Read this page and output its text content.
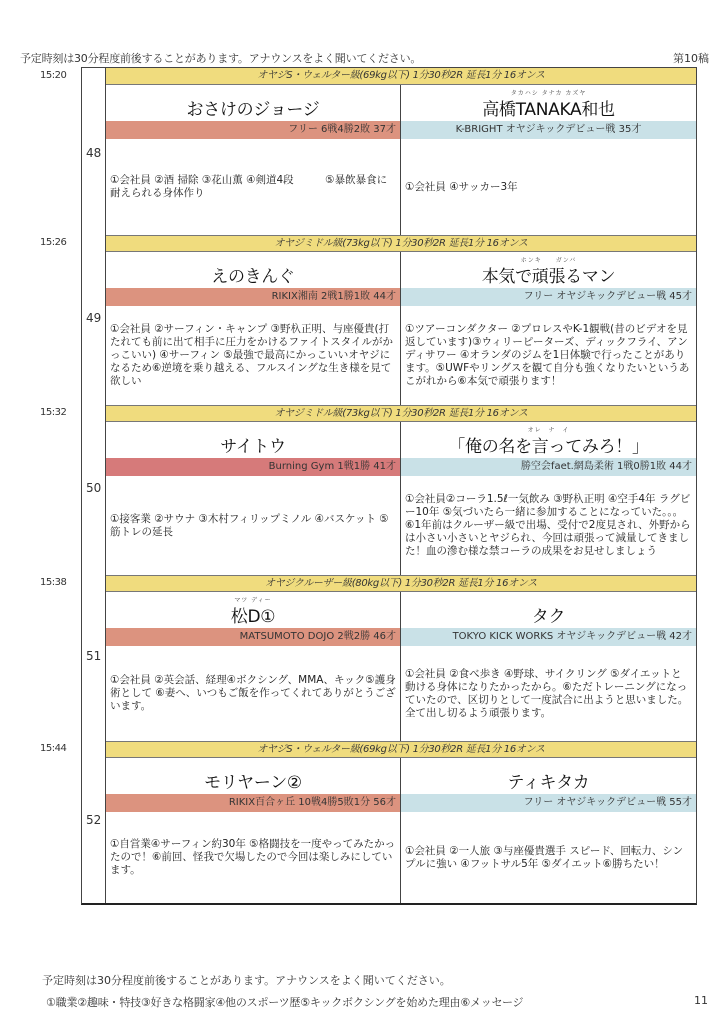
予定時刻は30分程度前後することがあります。アナウンスをよく聞いてください。	第10稿
15:20
48
オヤジS・ウェルター級(69kg以下) 1分30秒2R 延長1分 16オンス
おさけのジョージ
フリー 6戦4勝2敗 37才
①会社員 ②酒 掃除 ③花山薫 ④剣道4段　　　⑤暴飲暴食に耐えられる身体作り
タカハシ タナカ カズヤ
高橋TANAKA和也
K-BRIGHT オヤジキックデビュー戦 35才
①会社員 ④サッカー3年
15:26
49
オヤジミドル級(73kg以下) 1分30秒2R 延長1分 16オンス
えのきんぐ
RIKIX湘南 2戦1勝1敗 44才
①会社員 ②サーフィン・キャンプ ③野杁正明、与座優貴(打たれても前に出て相手に圧力をかけるファイトスタイルがかっこいい) ④サーフィン ⑤最強で最高にかっこいいオヤジになるため⑥逆境を乗り越える、フルスイングな生き様を見て欲しい
ホンキ　　ガンバ
本気で頑張るマン
フリー オヤジキックデビュー戦 45才
①ツアーコンダクター ②プロレスやK-1観戦(昔のビデオを見返しています)③ウィリーピーターズ、ディックフライ、アンディサワー ④オランダのジムを1日体験で行ったことがあります。⑤UWFやリングスを観て自分も強くなりたいというあこがれから⑥本気で頑張ります！
15:32
50
オヤジミドル級(73kg以下) 1分30秒2R 延長1分 16オンス
サイトウ
Burning Gym 1戦1勝 41才
①接客業 ②サウナ ③木村フィリップミノル ④バスケット ⑤筋トレの延長
オレ　ナ　イ
「俺の名を言ってみろ！」
勝空会faet.網島柔術 1戦0勝1敗 44才
①会社員②コーラ1.5ℓ一気飲み ③野杁正明 ④空手4年 ラグビー10年 ⑤気づいたら一緒に参加することになっていた。。。⑥1年前はクルーザー級で出場、受付で2度見され、外野からは小さい小さいとヤジられ、今回は頑張って減量してきました！血の滲む様な禁コーラの成果をお見せしましょう
15:38
51
オヤジクルーザー級(80kg以下) 1分30秒2R 延長1分 16オンス
マツ ディー
松D①
MATSUMOTO DOJO 2戦2勝 46才
①会社員 ②英会話、経理④ボクシング、MMA、キック⑤護身術として ⑥妻へ、いつもご飯を作ってくれてありがとうございます。
タク
TOKYO KICK WORKS オヤジキックデビュー戦 42才
①会社員 ②食べ歩き ④野球、サイクリング ⑤ダイエットと動ける身体になりたかったから。⑥ただトレーニングになっていたので、区切りとして一度試合に出ようと思いました。全て出し切るよう頑張ります。
15:44
52
オヤジS・ウェルター級(69kg以下) 1分30秒2R 延長1分 16オンス
モリヤーン②
RIKIX百合ヶ丘 10戦4勝5敗1分 56才
①自営業④サーフィン約30年 ⑤格闘技を一度やってみたかったので！⑥前回、怪我で欠場したので今回は楽しみにしています。
ティキタカ
フリー オヤジキックデビュー戦 55才
①会社員 ②一人旅 ③与座優貴選手 スピード、回転力、シンプルに強い ④フットサル5年 ⑤ダイエット⑥勝ちたい！
予定時刻は30分程度前後することがあります。アナウンスをよく聞いてください。
①職業②趣味・特技③好きな格闘家④他のスポーツ歴⑤キックボクシングを始めた理由⑥メッセージ	11
